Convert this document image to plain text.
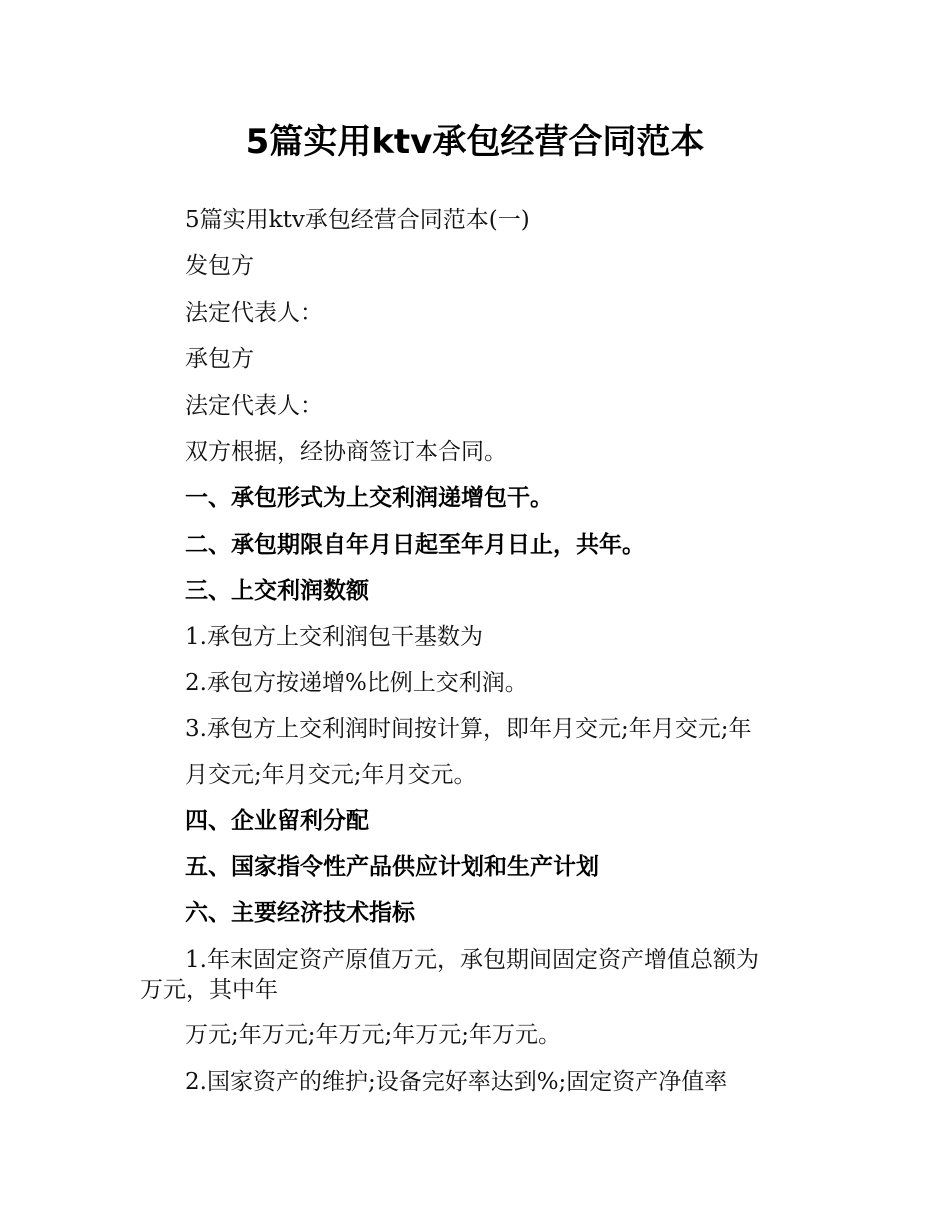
5篇实用ktv承包经营合同范本

5篇实用ktv承包经营合同范本(一)

发包方

法定代表人：

承包方

法定代表人：

双方根据，经协商签订本合同。

一、承包形式为上交利润递增包干。

二、承包期限自年月日起至年月日止，共年。

三、上交利润数额

1.承包方上交利润包干基数为

2.承包方按递增%比例上交利润。

3.承包方上交利润时间按计算，即年月交元;年月交元;年

月交元;年月交元;年月交元。

四、企业留利分配

五、国家指令性产品供应计划和生产计划

六、主要经济技术指标

1.年末固定资产原值万元，承包期间固定资产增值总额为

万元，其中年

万元;年万元;年万元;年万元;年万元。

2.国家资产的维护;设备完好率达到%;固定资产净值率
